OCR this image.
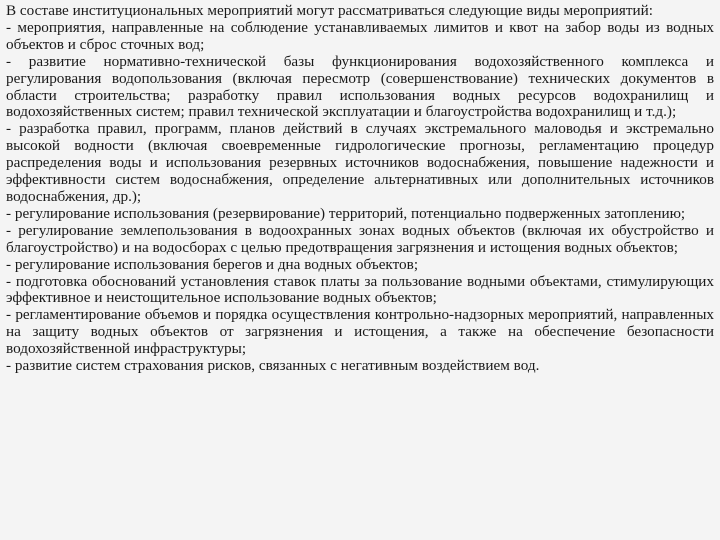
В составе институциональных мероприятий могут рассматриваться следующие виды мероприятий:

- мероприятия, направленные на соблюдение устанавливаемых лимитов и квот на забор воды из водных объектов и сброс сточных вод;

- развитие нормативно-технической базы функционирования водохозяйственного комплекса и регулирования водопользования (включая пересмотр (совершенствование) технических документов в области строительства; разработку правил использования водных ресурсов водохранилищ и водохозяйственных систем; правил технической эксплуатации и благоустройства водохранилищ и т.д.);

- разработка правил, программ, планов действий в случаях экстремального маловодья и экстремально высокой водности (включая своевременные гидрологические прогнозы, регламентацию процедур распределения воды и использования резервных источников водоснабжения, повышение надежности и эффективности систем водоснабжения, определение альтернативных или дополнительных источников водоснабжения, др.);

- регулирование использования (резервирование) территорий, потенциально подверженных затоплению;

- регулирование землепользования в водоохранных зонах водных объектов (включая их обустройство и благоустройство) и на водосборах с целью предотвращения загрязнения и истощения водных объектов;

- регулирование использования берегов и дна водных объектов;

- подготовка обоснований установления ставок платы за пользование водными объектами, стимулирующих эффективное и неистощительное использование водных объектов;

- регламентирование объемов и порядка осуществления контрольно-надзорных мероприятий, направленных на защиту водных объектов от загрязнения и истощения, а также на обеспечение безопасности водохозяйственной инфраструктуры;

- развитие систем страхования рисков, связанных с негативным воздействием вод.
